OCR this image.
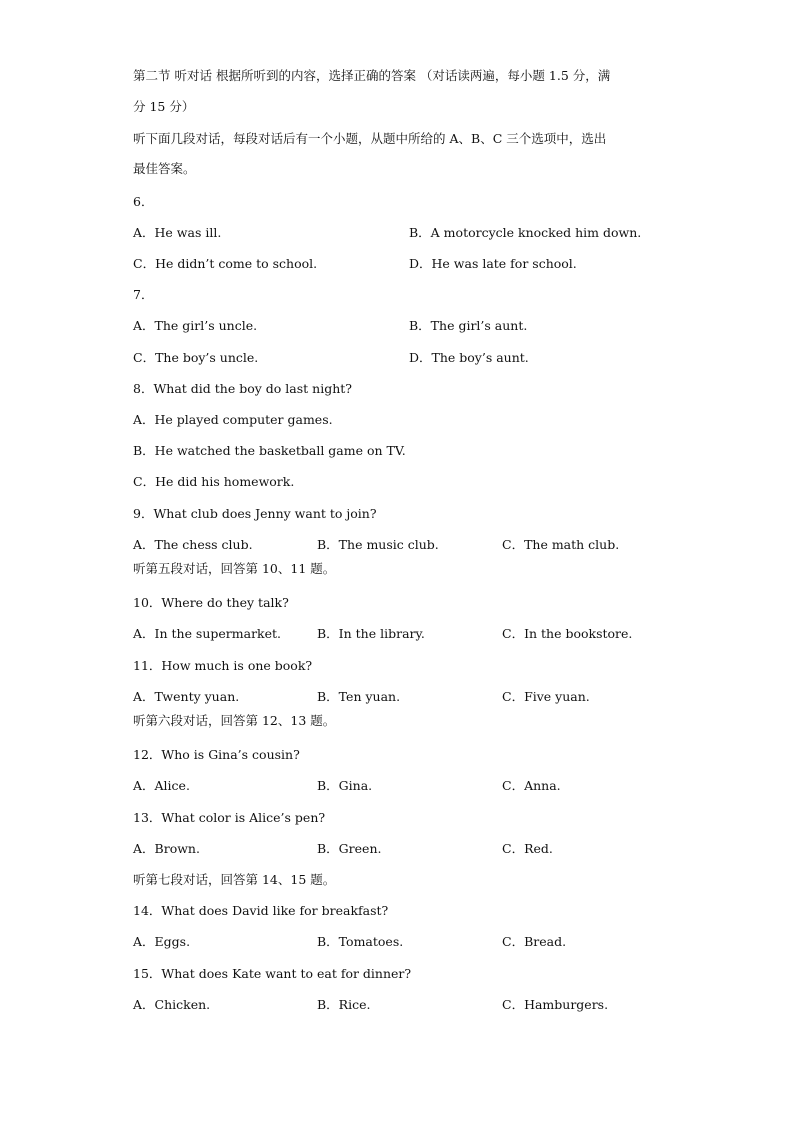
第二节 听对话 根据所听到的内容，选择正确的答案 （对话读两遍，每小题 1.5 分，满
分 15 分）
听下面几段对话，每段对话后有一个小题，从题中所给的 A、B、C 三个选项中，选出
最佳答案。
6．
A．He was ill.	B．A motorcycle knocked him down.
C．He didn’t come to school.	D．He was late for school.
7．
A．The girl’s uncle.	B．The girl’s aunt.
C．The boy’s uncle.	D．The boy’s aunt.
8．What did the boy do last night?
A．He played computer games.
B．He watched the basketball game on TV.
C．He did his homework.
9．What club does Jenny want to join?
A．The chess club.	B．The music club.	C．The math club.
听第五段对话，回答第 10、11 题。
10．Where do they talk?
A．In the supermarket.	B．In the library.	C．In the bookstore.
11．How much is one book?
A．Twenty yuan.	B．Ten yuan.	C．Five yuan.
听第六段对话，回答第 12、13 题。
12．Who is Gina’s cousin?
A．Alice.	B．Gina.	C．Anna.
13．What color is Alice’s pen?
A．Brown.	B．Green.	C．Red.
听第七段对话，回答第 14、15 题。
14．What does David like for breakfast?
A．Eggs.	B．Tomatoes.	C．Bread.
15．What does Kate want to eat for dinner?
A．Chicken.	B．Rice.	C．Hamburgers.
